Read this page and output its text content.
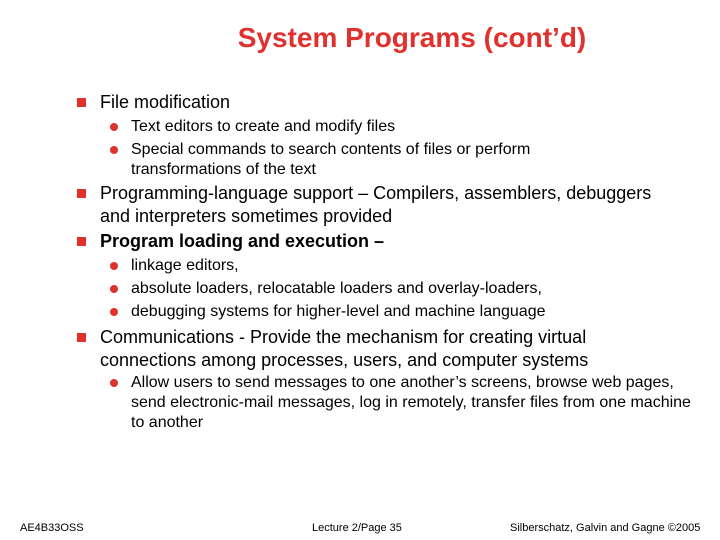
System Programs (cont’d)
File modification
Text editors to create and modify files
Special commands to search contents of files or perform transformations of the text
Programming-language support – Compilers, assemblers, debuggers and interpreters sometimes provided
Program loading and execution –
linkage editors,
absolute loaders, relocatable loaders and overlay-loaders,
debugging systems for higher-level and machine language
Communications - Provide the mechanism for creating virtual connections among processes, users, and computer systems
Allow users to send messages to one another’s screens, browse web pages, send electronic-mail messages, log in remotely, transfer files from one machine to another
AE4B33OSS	Lecture 2/Page 35	Silberschatz, Galvin and Gagne ©2005
